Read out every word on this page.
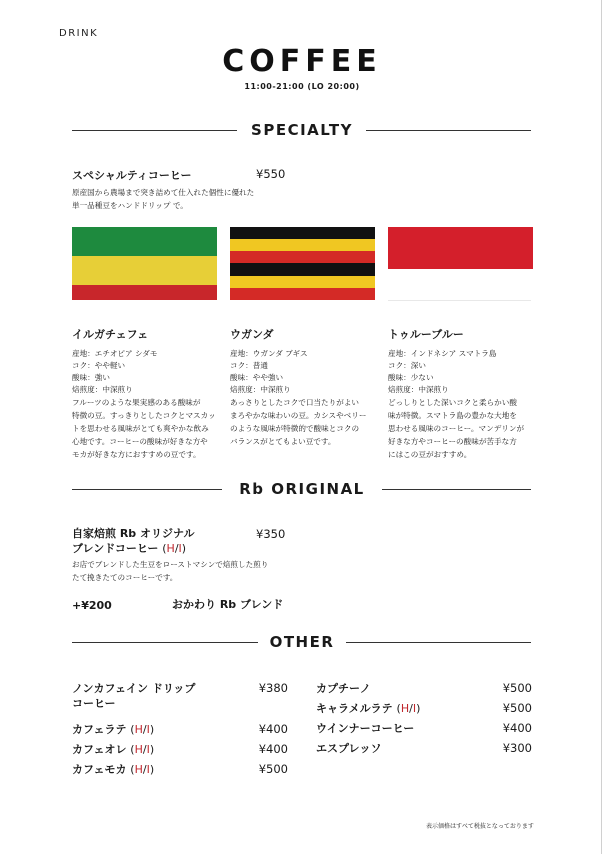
DRINK
COFFEE
11:00-21:00 (LO 20:00)
SPECIALTY
スペシャルティコーヒー	¥550
原産国から農場まで突き詰めて仕入れた個性に優れた
単一品種豆をハンドドリップ で。
イルガチェフェ
産地：エチオピア シダモ
コク：やや軽い
酸味：強い
焙煎度：中深煎り
フルーツのような果実感のある酸味が
特徴の豆。すっきりとしたコクとマスカッ
トを思わせる風味がとても爽やかな飲み
心地です。コーヒーの酸味が好きな方や
モカが好きな方におすすめの豆です。
ウガンダ
産地：ウガンダ ブギス
コク：普通
酸味：やや強い
焙煎度：中深煎り
あっさりとしたコクで口当たりがよい
まろやかな味わいの豆。カシスやベリー
のような風味が特徴的で酸味とコクの
バランスがとてもよい豆です。
トゥルーブルー
産地：インドネシア スマトラ島
コク：深い
酸味：少ない
焙煎度：中深煎り
どっしりとした深いコクと柔らかい酸
味が特徴。スマトラ島の豊かな大地を
思わせる風味のコーヒー。マンデリンが
好きな方やコーヒーの酸味が苦手な方
にはこの豆がおすすめ。
Rb ORIGINAL
自家焙煎 Rb オリジナル
ブレンドコーヒー (H/I)
¥350
お店でブレンドした生豆をローストマシンで焙煎した煎り
たて挽きたてのコーヒーです。
+¥200	おかわり Rb ブレンド
OTHER
ノンカフェイン ドリップ
コーヒー
¥380
カフェラテ (H/I)	¥400
カフェオレ (H/I)	¥400
カフェモカ (H/I)	¥500
カプチーノ	¥500
キャラメルラテ (H/I)	¥500
ウインナーコーヒー	¥400
エスプレッソ	¥300
表示価格はすべて税抜となっております
